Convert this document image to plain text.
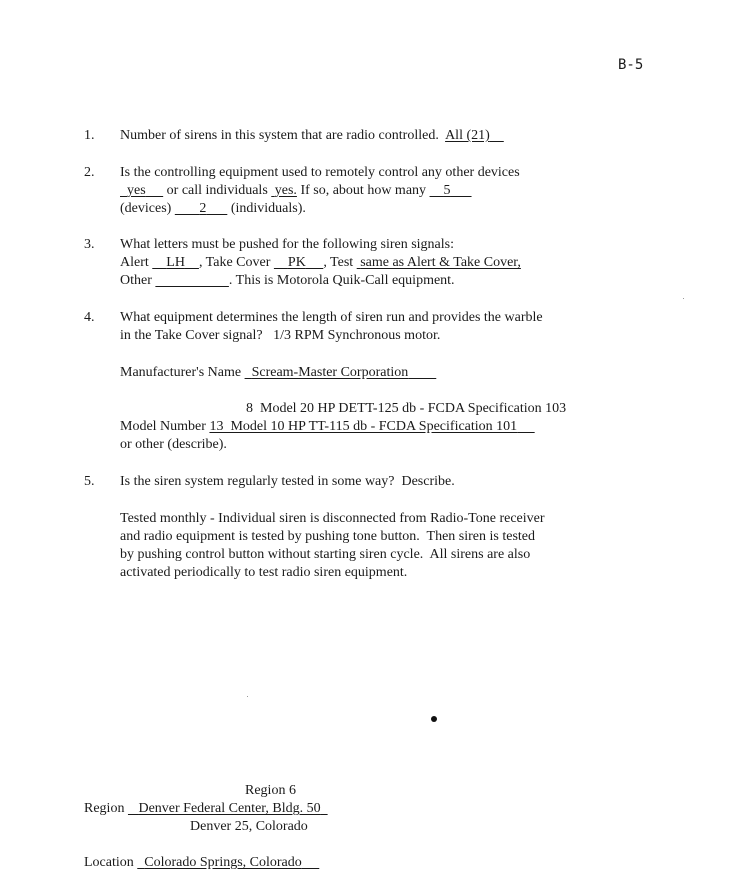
B-5
1. Number of sirens in this system that are radio controlled. All (21)
2. Is the controlling equipment used to remotely control any other devices
yes      or call individuals  yes. If so, about how many     5
(devices)        2       (individuals).
3. What letters must be pushed for the following siren signals:
Alert     LH , Take Cover     PK , Test  same as Alert & Take Cover,
Other	. This is Motorola Quik-Call equipment.
4. What equipment determines the length of siren run and provides the warble
in the Take Cover signal?   1/3 RPM Synchronous motor.
Manufacturer's Name   Scream-Master Corporation
8  Model 20 HP DETT-125 db - FCDA Specification 103
Model Number 13  Model 10 HP TT-115 db - FCDA Specification 101
or other (describe).
5. Is the siren system regularly tested in some way?  Describe.
Tested monthly - Individual siren is disconnected from Radio-Tone receiver
and radio equipment is tested by pushing tone button.  Then siren is tested
by pushing control button without starting siren cycle.  All sirens are also
activated periodically to test radio siren equipment.
Region 6
Region    Denver Federal Center, Bldg. 50
Denver 25, Colorado
Location   Colorado Springs, Colorado
